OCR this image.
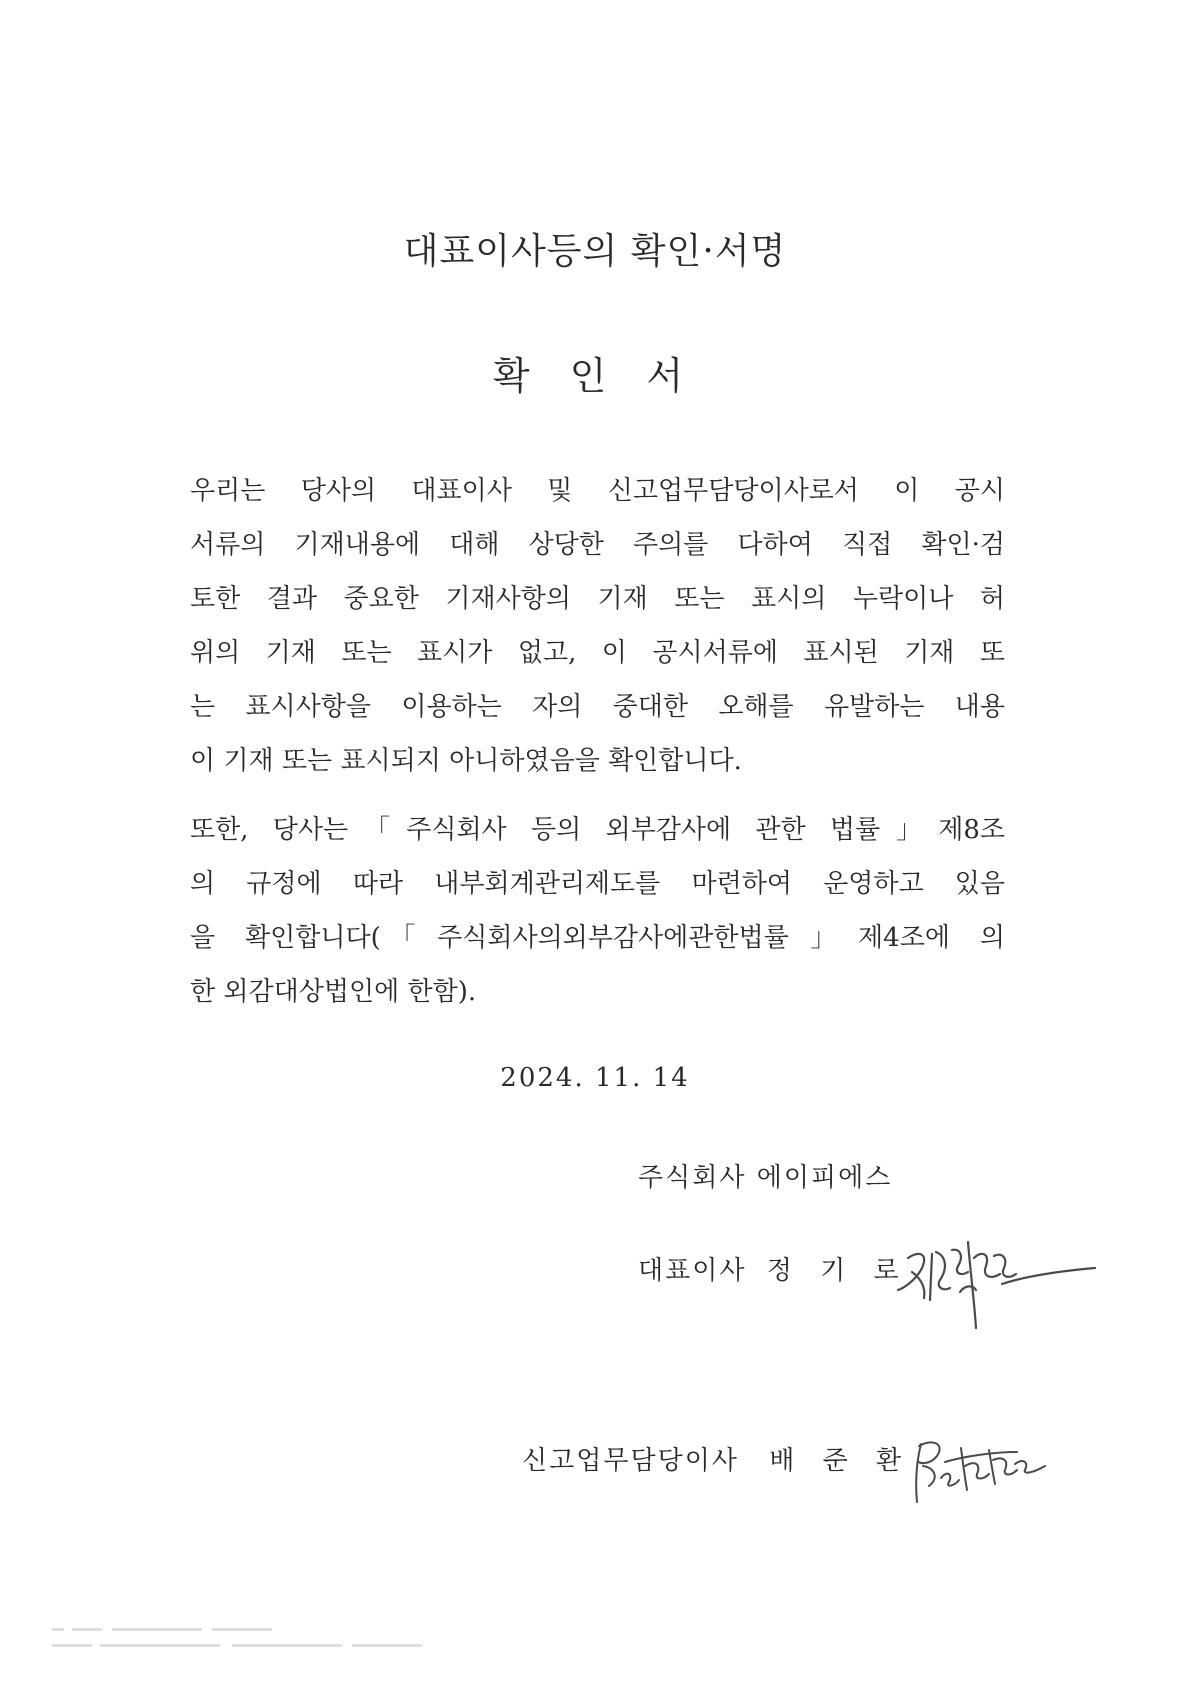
대표이사등의 확인·서명
확 인 서

우리는 당사의 대표이사 및 신고업무담당이사로서 이 공시
서류의 기재내용에 대해 상당한 주의를 다하여 직접 확인·검
토한 결과 중요한 기재사항의 기재 또는 표시의 누락이나 허
위의 기재 또는 표시가 없고, 이 공시서류에 표시된 기재 또
는 표시사항을 이용하는 자의 중대한 오해를 유발하는 내용
이 기재 또는 표시되지 아니하였음을 확인합니다.

또한, 당사는「주식회사 등의 외부감사에 관한 법률」제8조
의 규정에 따라 내부회계관리제도를 마련하여 운영하고 있음
을 확인합니다(「주식회사의외부감사에관한법률」제4조에 의
한 외감대상법인에 한함).

2024. 11. 14
주식회사 에이피에스
대표이사 정 기 로
신고업무담당이사 배 준 환
